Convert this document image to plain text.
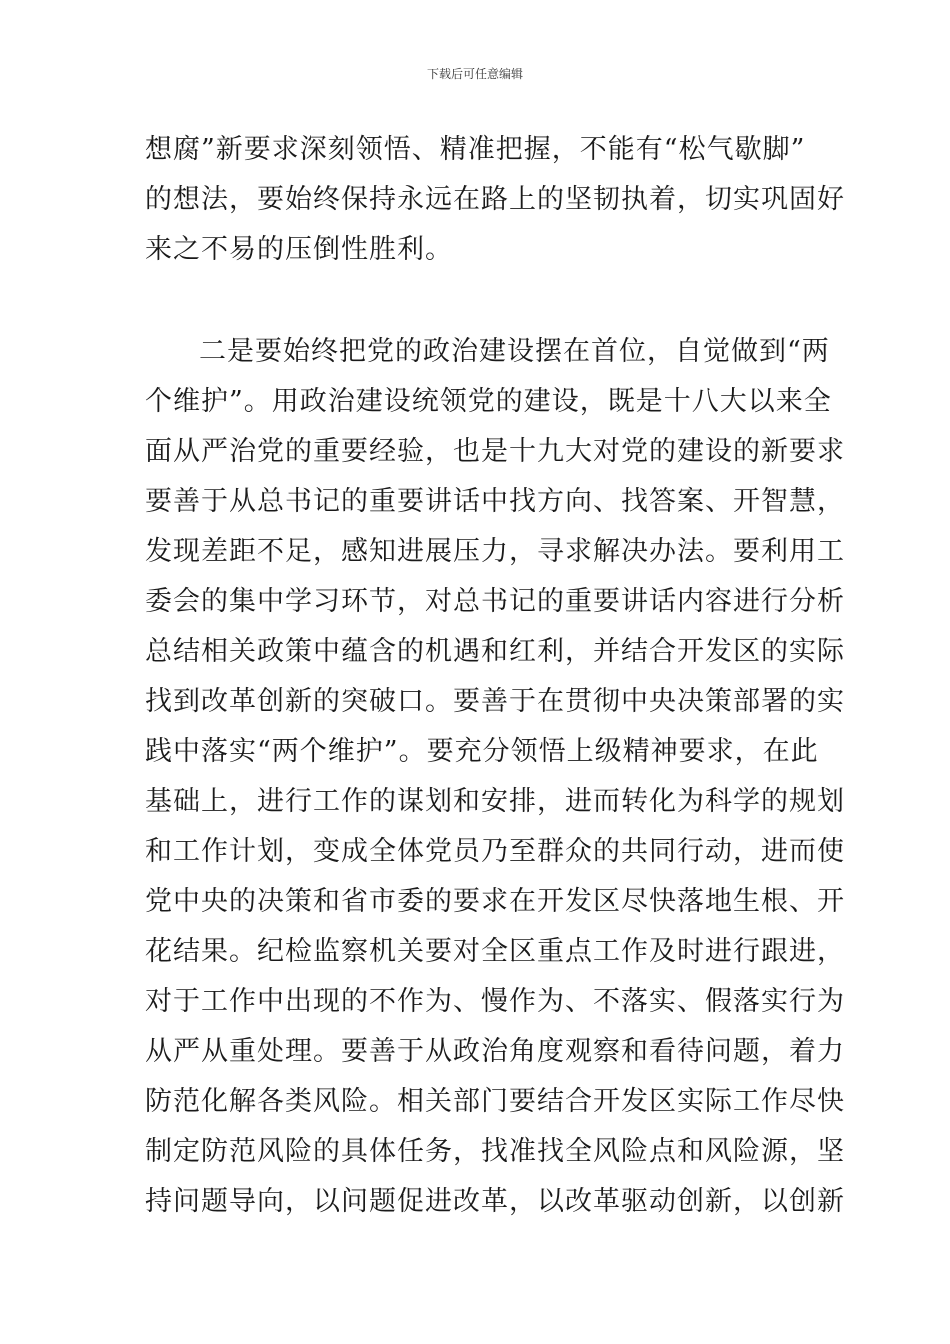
下载后可任意编辑
想腐”新要求深刻领悟、精准把握，不能有“松气歇脚”
的想法，要始终保持永远在路上的坚韧执着，切实巩固好
来之不易的压倒性胜利。
二是要始终把党的政治建设摆在首位，自觉做到“两
个维护”。用政治建设统领党的建设，既是十八大以来全
面从严治党的重要经验，也是十九大对党的建设的新要求
要善于从总书记的重要讲话中找方向、找答案、开智慧，
发现差距不足，感知进展压力，寻求解决办法。要利用工
委会的集中学习环节，对总书记的重要讲话内容进行分析
总结相关政策中蕴含的机遇和红利，并结合开发区的实际
找到改革创新的突破口。要善于在贯彻中央决策部署的实
践中落实“两个维护”。要充分领悟上级精神要求，在此
基础上，进行工作的谋划和安排，进而转化为科学的规划
和工作计划，变成全体党员乃至群众的共同行动，进而使
党中央的决策和省市委的要求在开发区尽快落地生根、开
花结果。纪检监察机关要对全区重点工作及时进行跟进，
对于工作中出现的不作为、慢作为、不落实、假落实行为
从严从重处理。要善于从政治角度观察和看待问题，着力
防范化解各类风险。相关部门要结合开发区实际工作尽快
制定防范风险的具体任务，找准找全风险点和风险源，坚
持问题导向，以问题促进改革，以改革驱动创新，以创新
